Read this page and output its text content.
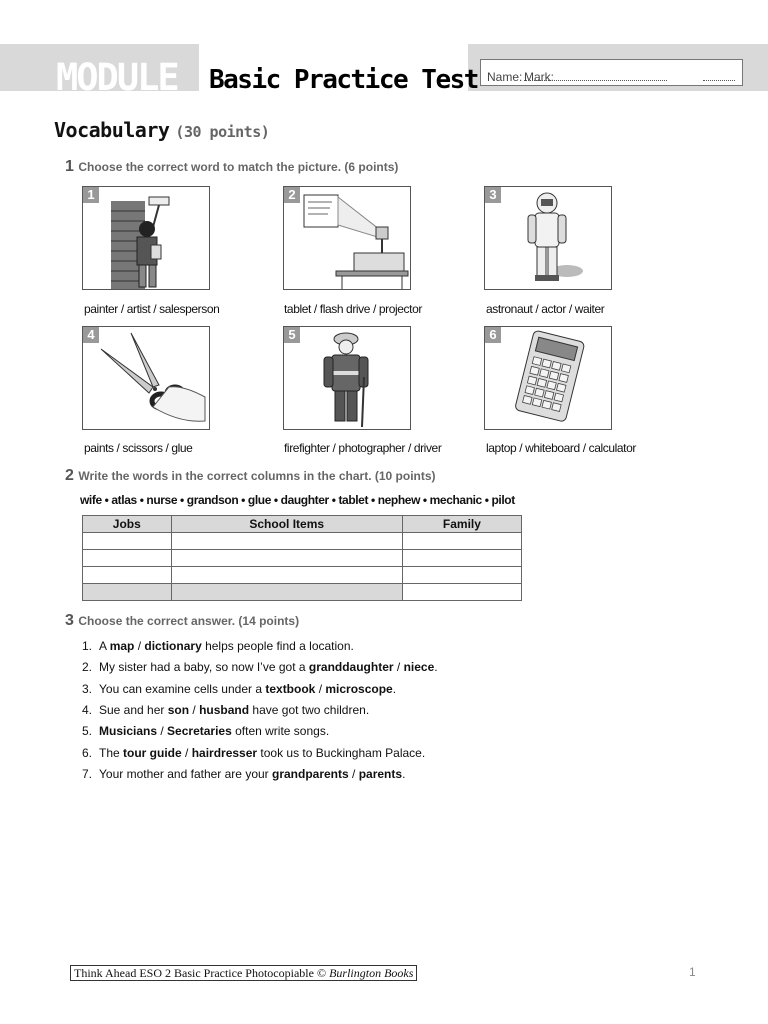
MODULE 2
Basic Practice Test Name: Mark:
Vocabulary (30 points)
1 Choose the correct word to match the picture. (6 points)
1
painter / artist / salesperson
2
tablet / flash drive / projector
3
astronaut / actor / waiter
4
paints / scissors / glue
5
firefighter / photographer / driver
6
laptop / whiteboard / calculator
2 Write the words in the correct columns in the chart. (10 points)
wife • atlas • nurse • grandson • glue • daughter • tablet • nephew • mechanic • pilot
Jobs	School Items	Family

3 Choose the correct answer. (14 points)
1. A map / dictionary helps people find a location.
2. My sister had a baby, so now I’ve got a granddaughter / niece.
3. You can examine cells under a textbook / microscope.
4. Sue and her son / husband have got two children.
5. Musicians / Secretaries often write songs.
6. The tour guide / hairdresser took us to Buckingham Palace.
7. Your mother and father are your grandparents / parents.
Think Ahead ESO 2 Basic Practice Photocopiable © Burlington Books	1
